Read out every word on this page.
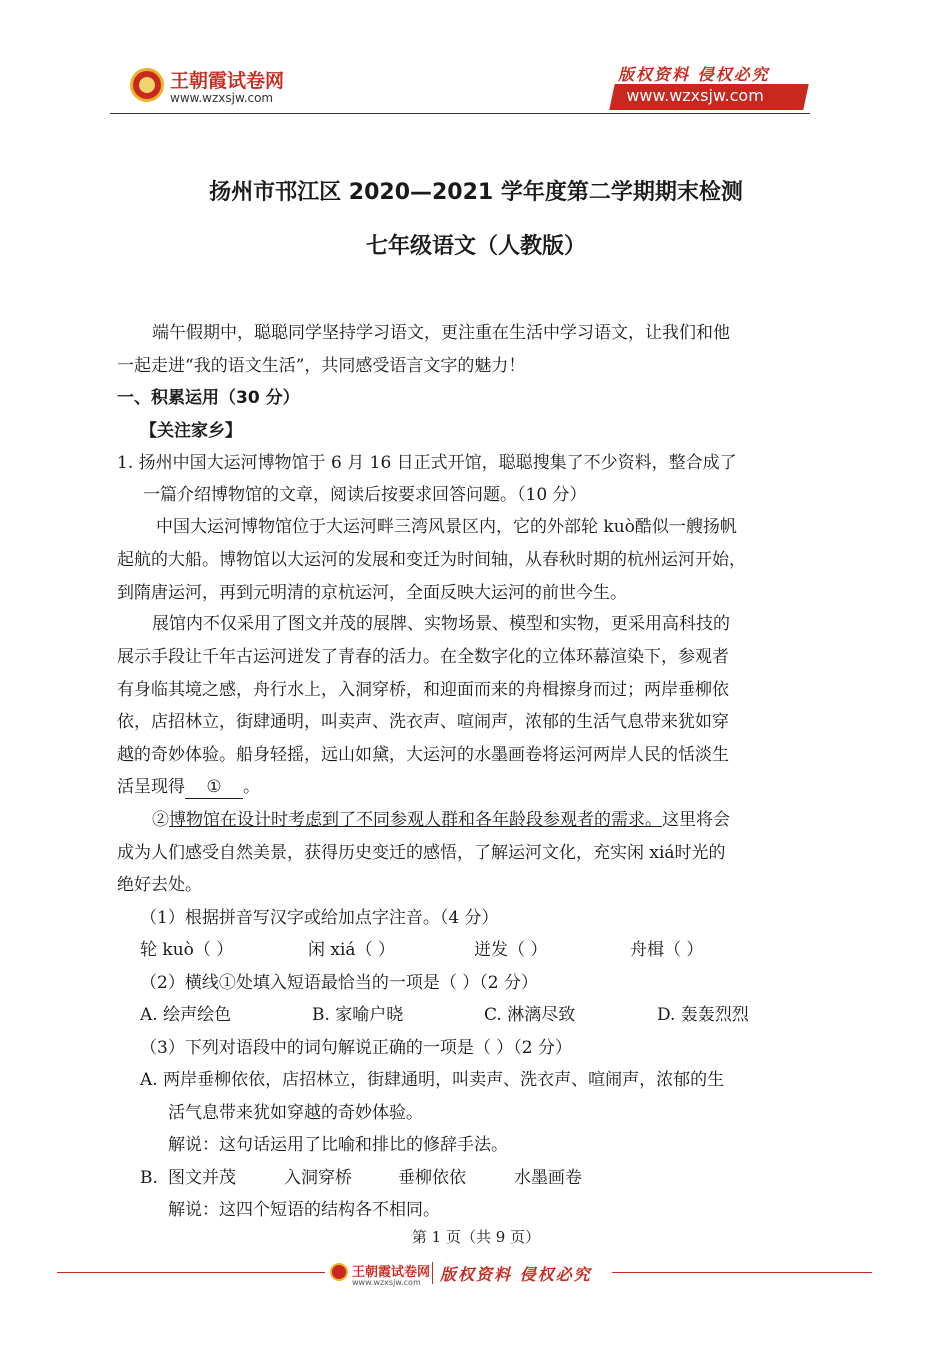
王朝霞试卷网
www.wzxsjw.com
版权资料 侵权必究
www.wzxsjw.com
扬州市邗江区 2020—2021 学年度第二学期期末检测
七年级语文（人教版）
端午假期中，聪聪同学坚持学习语文，更注重在生活中学习语文，让我们和他
一起走进“我的语文生活”，共同感受语言文字的魅力！
一、积累运用（30 分）
【关注家乡】
1. 扬州中国大运河博物馆于 6 月 16 日正式开馆，聪聪搜集了不少资料，整合成了
一篇介绍博物馆的文章，阅读后按要求回答问题。（10 分）
中国大运河博物馆位于大运河畔三湾风景区内，它的外部轮 kuò酷似一艘扬帆
起航的大船。博物馆以大运河的发展和变迁为时间轴，从春秋时期的杭州运河开始，
到隋唐运河，再到元明清的京杭运河，全面反映大运河的前世今生。
展馆内不仅采用了图文并茂的展牌、实物场景、模型和实物，更采用高科技的
展示手段让千年古运河迸发了青春的活力。在全数字化的立体环幕渲染下，参观者
有身临其境之感，舟行水上，入洞穿桥，和迎面而来的舟楫擦身而过；两岸垂柳依
依，店招林立，街肆通明，叫卖声、洗衣声、喧闹声，浓郁的生活气息带来犹如穿
越的奇妙体验。船身轻摇，远山如黛，大运河的水墨画卷将运河两岸人民的恬淡生
活呈现得 ① 。
②博物馆在设计时考虑到了不同参观人群和各年龄段参观者的需求。这里将会
成为人们感受自然美景，获得历史变迁的感悟，了解运河文化，充实闲 xiá时光的
绝好去处。
（1）根据拼音写汉字或给加点字注音。（4 分）
轮 kuò（ ）	闲 xiá（ ）	迸发（ ）	舟楫（ ）
（2）横线①处填入短语最恰当的一项是（ ）（2 分）
A. 绘声绘色	B. 家喻户晓	C. 淋漓尽致	D. 轰轰烈烈
（3）下列对语段中的词句解说正确的一项是（ ）（2 分）
A. 两岸垂柳依依，店招林立，街肆通明，叫卖声、洗衣声、喧闹声，浓郁的生
活气息带来犹如穿越的奇妙体验。
解说：这句话运用了比喻和排比的修辞手法。
B. 图文并茂	入洞穿桥	垂柳依依	水墨画卷
解说：这四个短语的结构各不相同。
第 1 页（共 9 页）
王朝霞试卷网
www.wzxsjw.com 版权资料 侵权必究
